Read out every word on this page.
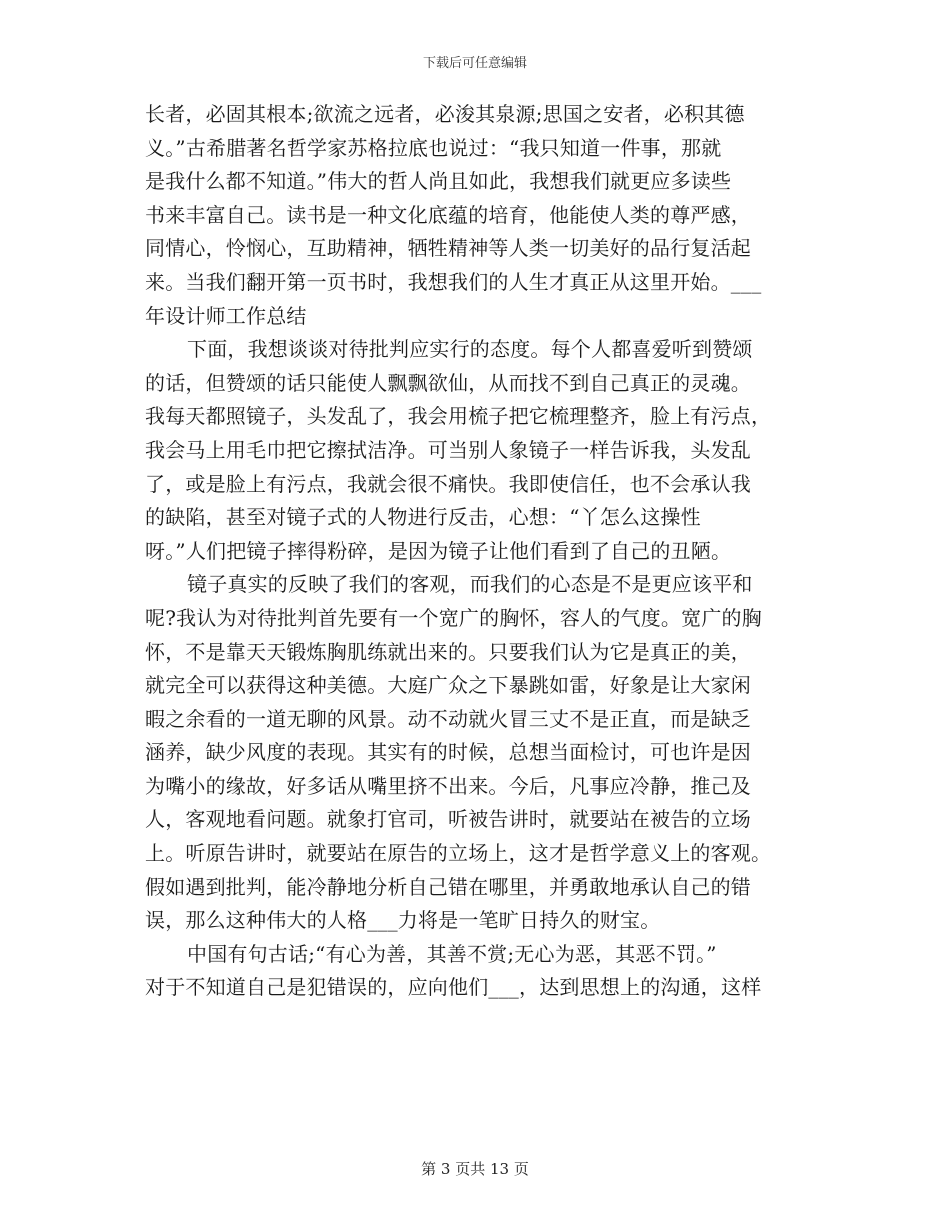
下载后可任意编辑
长者，必固其根本;欲流之远者，必浚其泉源;思国之安者，必积其德
义。”古希腊著名哲学家苏格拉底也说过：“我只知道一件事，那就
是我什么都不知道。”伟大的哲人尚且如此，我想我们就更应多读些
书来丰富自己。读书是一种文化底蕴的培育，他能使人类的尊严感，
同情心，怜悯心，互助精神，牺牲精神等人类一切美好的品行复活起
来。当我们翻开第一页书时，我想我们的人生才真正从这里开始。___
年设计师工作总结
下面，我想谈谈对待批判应实行的态度。每个人都喜爱听到赞颂
的话，但赞颂的话只能使人飘飘欲仙，从而找不到自己真正的灵魂。
我每天都照镜子，头发乱了，我会用梳子把它梳理整齐，脸上有污点，
我会马上用毛巾把它擦拭洁净。可当别人象镜子一样告诉我，头发乱
了，或是脸上有污点，我就会很不痛快。我即使信任，也不会承认我
的缺陷，甚至对镜子式的人物进行反击，心想：“丫怎么这操性
呀。”人们把镜子摔得粉碎，是因为镜子让他们看到了自己的丑陋。
镜子真实的反映了我们的客观，而我们的心态是不是更应该平和
呢?我认为对待批判首先要有一个宽广的胸怀，容人的气度。宽广的胸
怀，不是靠天天锻炼胸肌练就出来的。只要我们认为它是真正的美，
就完全可以获得这种美德。大庭广众之下暴跳如雷，好象是让大家闲
暇之余看的一道无聊的风景。动不动就火冒三丈不是正直，而是缺乏
涵养，缺少风度的表现。其实有的时候，总想当面检讨，可也许是因
为嘴小的缘故，好多话从嘴里挤不出来。今后，凡事应冷静，推己及
人，客观地看问题。就象打官司，听被告讲时，就要站在被告的立场
上。听原告讲时，就要站在原告的立场上，这才是哲学意义上的客观。
假如遇到批判，能冷静地分析自己错在哪里，并勇敢地承认自己的错
误，那么这种伟大的人格___力将是一笔旷日持久的财宝。
中国有句古话;“有心为善，其善不赏;无心为恶，其恶不罚。”
对于不知道自己是犯错误的，应向他们___，达到思想上的沟通，这样
第 3 页共 13 页
